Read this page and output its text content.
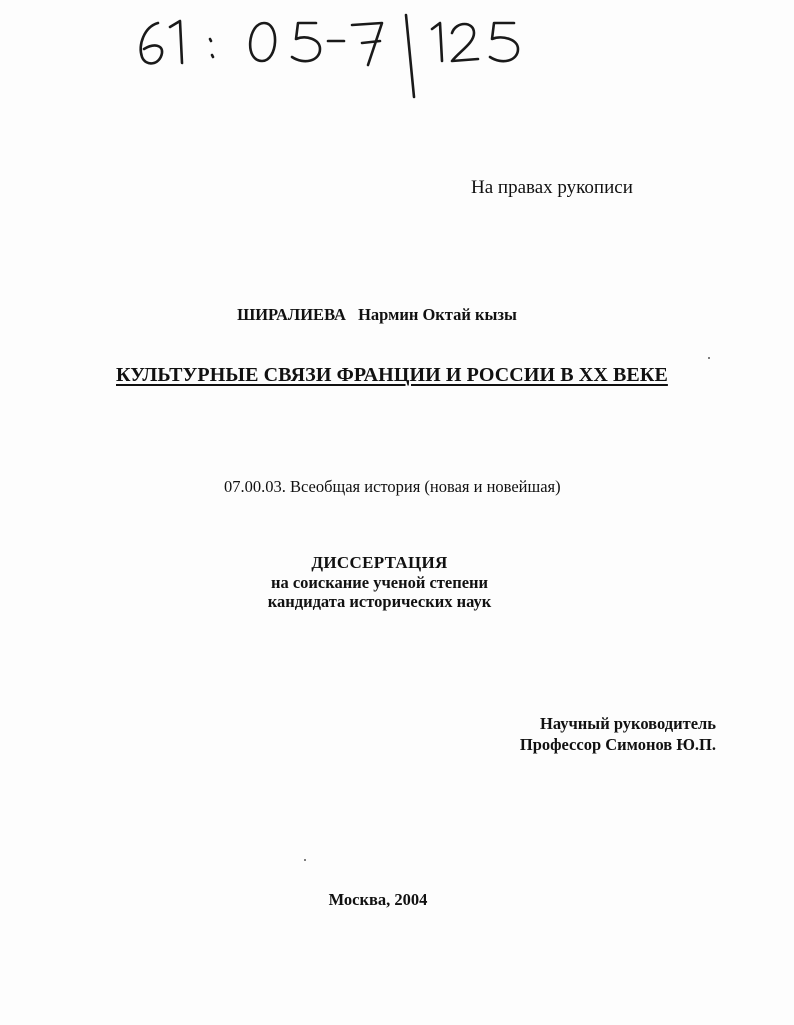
На правах рукописи
ШИРАЛИЕВА Нармин Октай кызы
КУЛЬТУРНЫЕ СВЯЗИ ФРАНЦИИ И РОССИИ В XX ВЕКЕ
07.00.03. Всеобщая история (новая и новейшая)
ДИССЕРТАЦИЯ
на соискание ученой степени
кандидата исторических наук
Научный руководитель
Профессор Симонов Ю.П.
Москва, 2004
